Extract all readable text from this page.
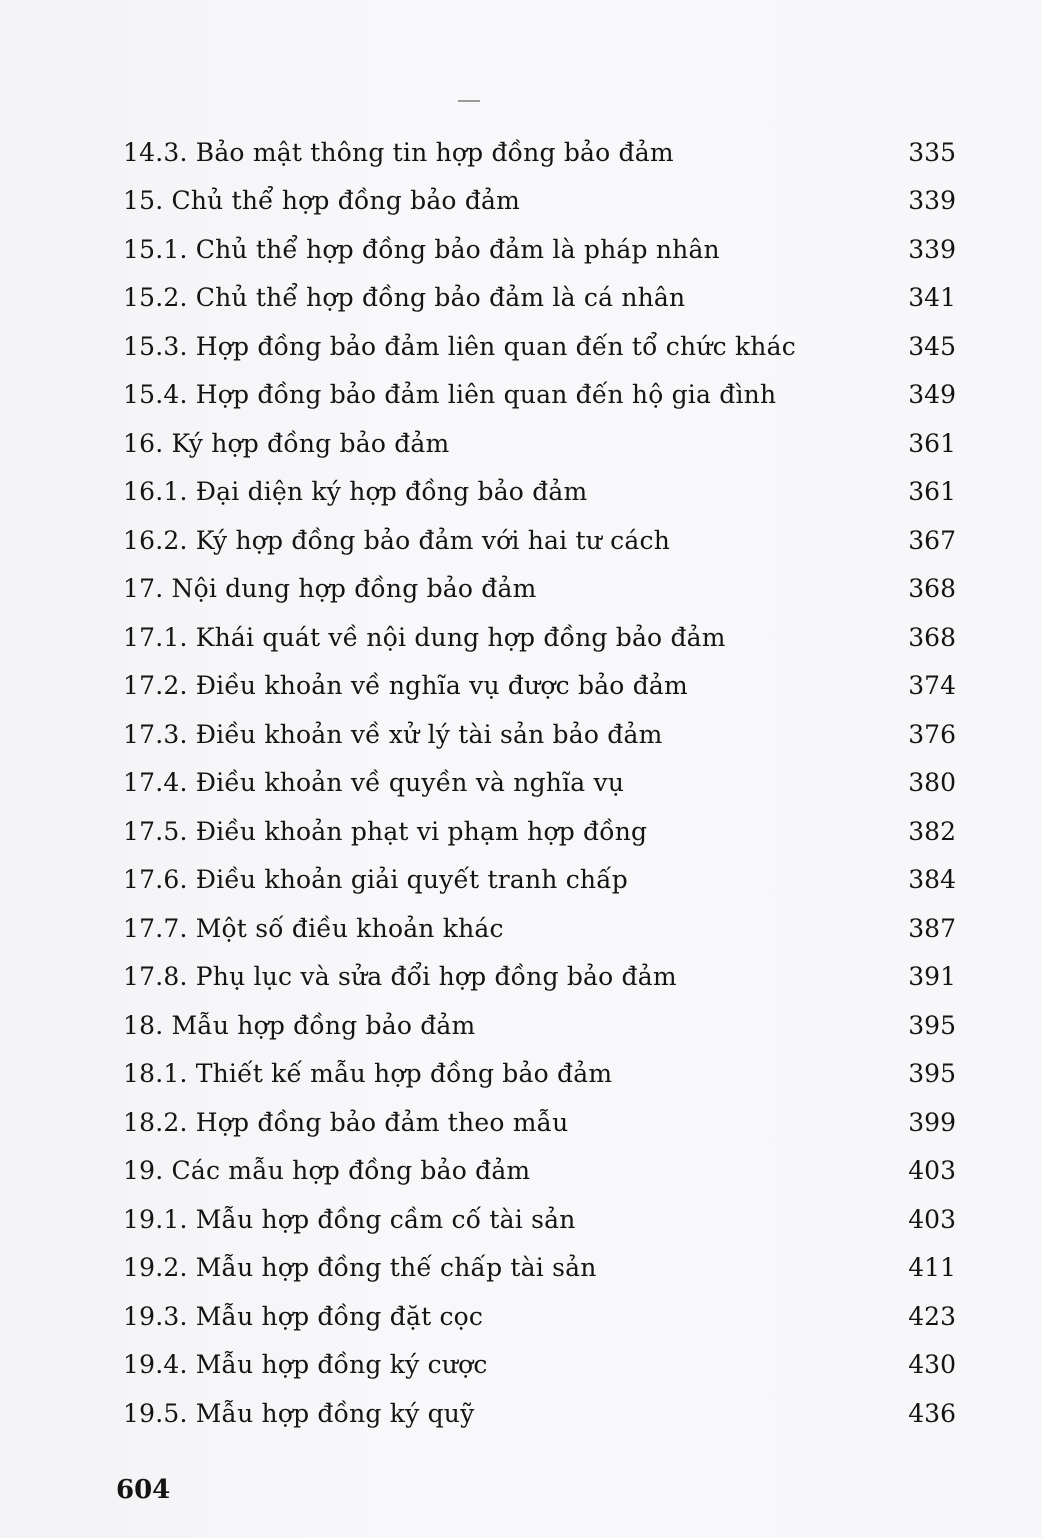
14.3. Bảo mật thông tin hợp đồng bảo đảm	335
15. Chủ thể hợp đồng bảo đảm	339
15.1. Chủ thể hợp đồng bảo đảm là pháp nhân	339
15.2. Chủ thể hợp đồng bảo đảm là cá nhân	341
15.3. Hợp đồng bảo đảm liên quan đến tổ chức khác	345
15.4. Hợp đồng bảo đảm liên quan đến hộ gia đình	349
16. Ký hợp đồng bảo đảm	361
16.1. Đại diện ký hợp đồng bảo đảm	361
16.2. Ký hợp đồng bảo đảm với hai tư cách	367
17. Nội dung hợp đồng bảo đảm	368
17.1. Khái quát về nội dung hợp đồng bảo đảm	368
17.2. Điều khoản về nghĩa vụ được bảo đảm	374
17.3. Điều khoản về xử lý tài sản bảo đảm	376
17.4. Điều khoản về quyền và nghĩa vụ	380
17.5. Điều khoản phạt vi phạm hợp đồng	382
17.6. Điều khoản giải quyết tranh chấp	384
17.7. Một số điều khoản khác	387
17.8. Phụ lục và sửa đổi hợp đồng bảo đảm	391
18. Mẫu hợp đồng bảo đảm	395
18.1. Thiết kế mẫu hợp đồng bảo đảm	395
18.2. Hợp đồng bảo đảm theo mẫu	399
19. Các mẫu hợp đồng bảo đảm	403
19.1. Mẫu hợp đồng cầm cố tài sản	403
19.2. Mẫu hợp đồng thế chấp tài sản	411
19.3. Mẫu hợp đồng đặt cọc	423
19.4. Mẫu hợp đồng ký cược	430
19.5. Mẫu hợp đồng ký quỹ	436
604
